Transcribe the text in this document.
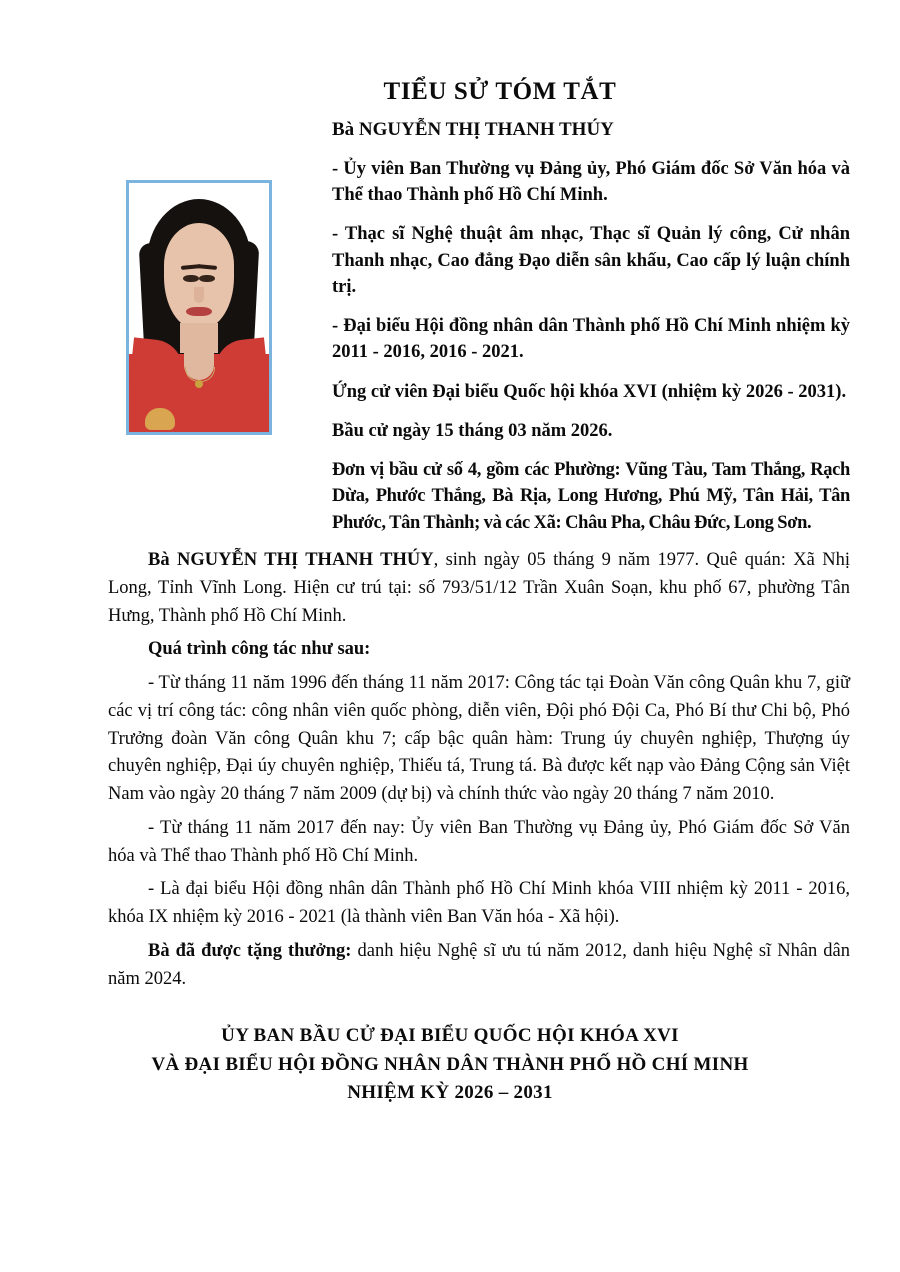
TIỂU SỬ TÓM TẮT
Bà NGUYỄN THỊ THANH THÚY
- Ủy viên Ban Thường vụ Đảng ủy, Phó Giám đốc Sở Văn hóa và Thể thao Thành phố Hồ Chí Minh.
- Thạc sĩ Nghệ thuật âm nhạc, Thạc sĩ Quản lý công, Cử nhân Thanh nhạc, Cao đẳng Đạo diễn sân khấu, Cao cấp lý luận chính trị.
- Đại biểu Hội đồng nhân dân Thành phố Hồ Chí Minh nhiệm kỳ 2011 - 2016, 2016 - 2021.
Ứng cử viên Đại biểu Quốc hội khóa XVI (nhiệm kỳ 2026 - 2031).
Bầu cử ngày 15 tháng 03 năm 2026.
Đơn vị bầu cử số 4, gồm các Phường: Vũng Tàu, Tam Thắng, Rạch Dừa, Phước Thắng, Bà Rịa, Long Hương, Phú Mỹ, Tân Hải, Tân Phước, Tân Thành; và các Xã: Châu Pha, Châu Đức, Long Sơn.

Bà NGUYỄN THỊ THANH THÚY, sinh ngày 05 tháng 9 năm 1977. Quê quán: Xã Nhị Long, Tỉnh Vĩnh Long. Hiện cư trú tại: số 793/51/12 Trần Xuân Soạn, khu phố 67, phường Tân Hưng, Thành phố Hồ Chí Minh.

Quá trình công tác như sau:

- Từ tháng 11 năm 1996 đến tháng 11 năm 2017: Công tác tại Đoàn Văn công Quân khu 7, giữ các vị trí công tác: công nhân viên quốc phòng, diễn viên, Đội phó Đội Ca, Phó Bí thư Chi bộ, Phó Trưởng đoàn Văn công Quân khu 7; cấp bậc quân hàm: Trung úy chuyên nghiệp, Thượng úy chuyên nghiệp, Đại úy chuyên nghiệp, Thiếu tá, Trung tá. Bà được kết nạp vào Đảng Cộng sản Việt Nam vào ngày 20 tháng 7 năm 2009 (dự bị) và chính thức vào ngày 20 tháng 7 năm 2010.

- Từ tháng 11 năm 2017 đến nay: Ủy viên Ban Thường vụ Đảng ủy, Phó Giám đốc Sở Văn hóa và Thể thao Thành phố Hồ Chí Minh.

- Là đại biểu Hội đồng nhân dân Thành phố Hồ Chí Minh khóa VIII nhiệm kỳ 2011 - 2016, khóa IX nhiệm kỳ 2016 - 2021 (là thành viên Ban Văn hóa - Xã hội).

Bà đã được tặng thưởng: danh hiệu Nghệ sĩ ưu tú năm 2012, danh hiệu Nghệ sĩ Nhân dân năm 2024.

ỦY BAN BẦU CỬ ĐẠI BIỂU QUỐC HỘI KHÓA XVI
VÀ ĐẠI BIỂU HỘI ĐỒNG NHÂN DÂN THÀNH PHỐ HỒ CHÍ MINH
NHIỆM KỲ 2026 – 2031
